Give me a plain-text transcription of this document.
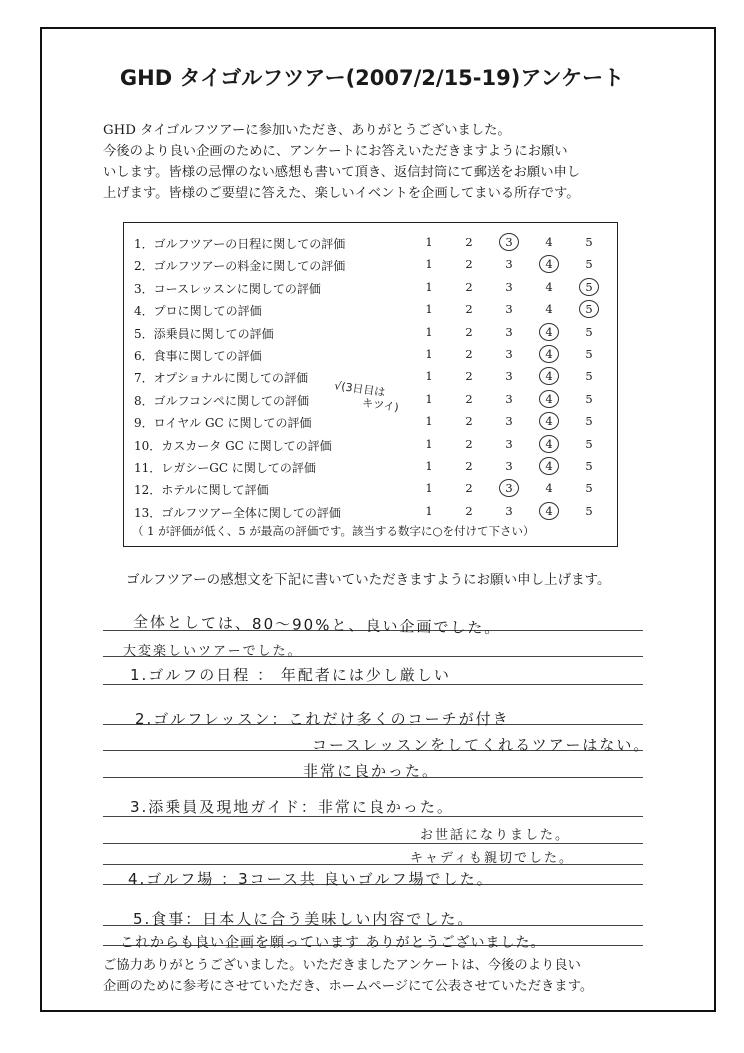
GHD タイゴルフツアー(2007/2/15-19)アンケート
GHD タイゴルフツアーに参加いただき、ありがとうございました。
今後のより良い企画のために、アンケートにお答えいただきますようにお願い
いします。皆様の忌憚のない感想も書いて頂き、返信封筒にて郵送をお願い申し
上げます。皆様のご要望に答えた、楽しいイベントを企画してまいる所存です。
（ 1 が評価が低く、5 が最高の評価です。該当する数字に○を付けて下さい）
1．ゴルフツアーの日程に関しての評価	1	2	3	4	5
2．ゴルフツアーの料金に関しての評価	1	2	3	4	5
3．コースレッスンに関しての評価	1	2	3	4	5
4．プロに関しての評価	1	2	3	4	5
5．添乗員に関しての評価	1	2	3	4	5
6．食事に関しての評価	1	2	3	4	5
7．オプショナルに関しての評価	1	2	3	4	5
8．ゴルフコンペに関しての評価	1	2	3	4	5
9．ロイヤル GC に関しての評価	1	2	3	4	5
10．カスカータ GC に関しての評価	1	2	3	4	5
11．レガシーGC に関しての評価	1	2	3	4	5
12．ホテルに関して評価	1	2	3	4	5
13．ゴルフツアー全体に関しての評価	1	2	3	4	5
√(3日目は
キツイ)
ゴルフツアーの感想文を下記に書いていただきますようにお願い申し上げます。
全体としては、80〜90%と、良い企画でした。
大変楽しいツアーでした。
1.ゴルフの日程 ： 年配者には少し厳しい
2.ゴルフレッスン：これだけ多くのコーチが付き
コースレッスンをしてくれるツアーはない。
非常に良かった。
3.添乗員及現地ガイド：非常に良かった。
お世話になりました。
キャディも親切でした。
4.ゴルフ場 ：3コース共 良いゴルフ場でした。
5.食事：日本人に合う美味しい内容でした。
これからも良い企画を願っています ありがとうございました。
ご協力ありがとうございました。いただきましたアンケートは、今後のより良い
企画のために参考にさせていただき、ホームページにて公表させていただきます。
